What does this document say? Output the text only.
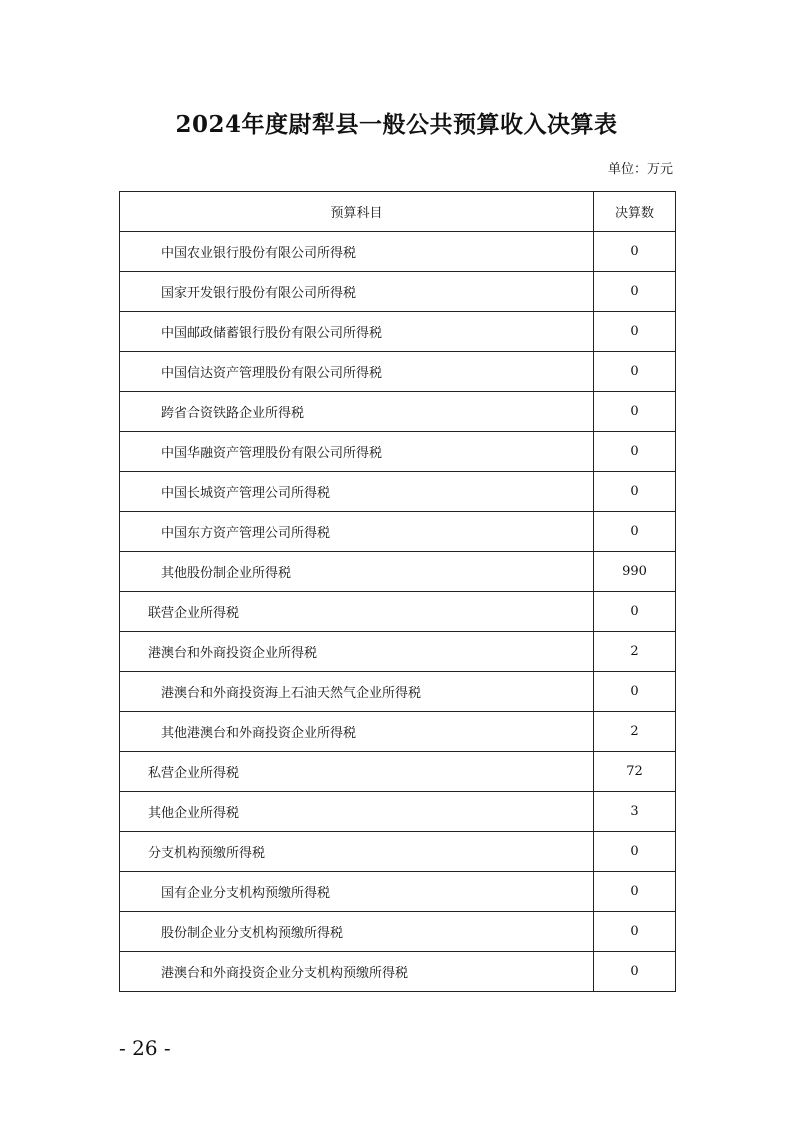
2024年度尉犁县一般公共预算收入决算表
单位：万元
预算科目	决算数
中国农业银行股份有限公司所得税	0
国家开发银行股份有限公司所得税	0
中国邮政储蓄银行股份有限公司所得税	0
中国信达资产管理股份有限公司所得税	0
跨省合资铁路企业所得税	0
中国华融资产管理股份有限公司所得税	0
中国长城资产管理公司所得税	0
中国东方资产管理公司所得税	0
其他股份制企业所得税	990
联营企业所得税	0
港澳台和外商投资企业所得税	2
港澳台和外商投资海上石油天然气企业所得税	0
其他港澳台和外商投资企业所得税	2
私营企业所得税	72
其他企业所得税	3
分支机构预缴所得税	0
国有企业分支机构预缴所得税	0
股份制企业分支机构预缴所得税	0
港澳台和外商投资企业分支机构预缴所得税	0
- 26 -
